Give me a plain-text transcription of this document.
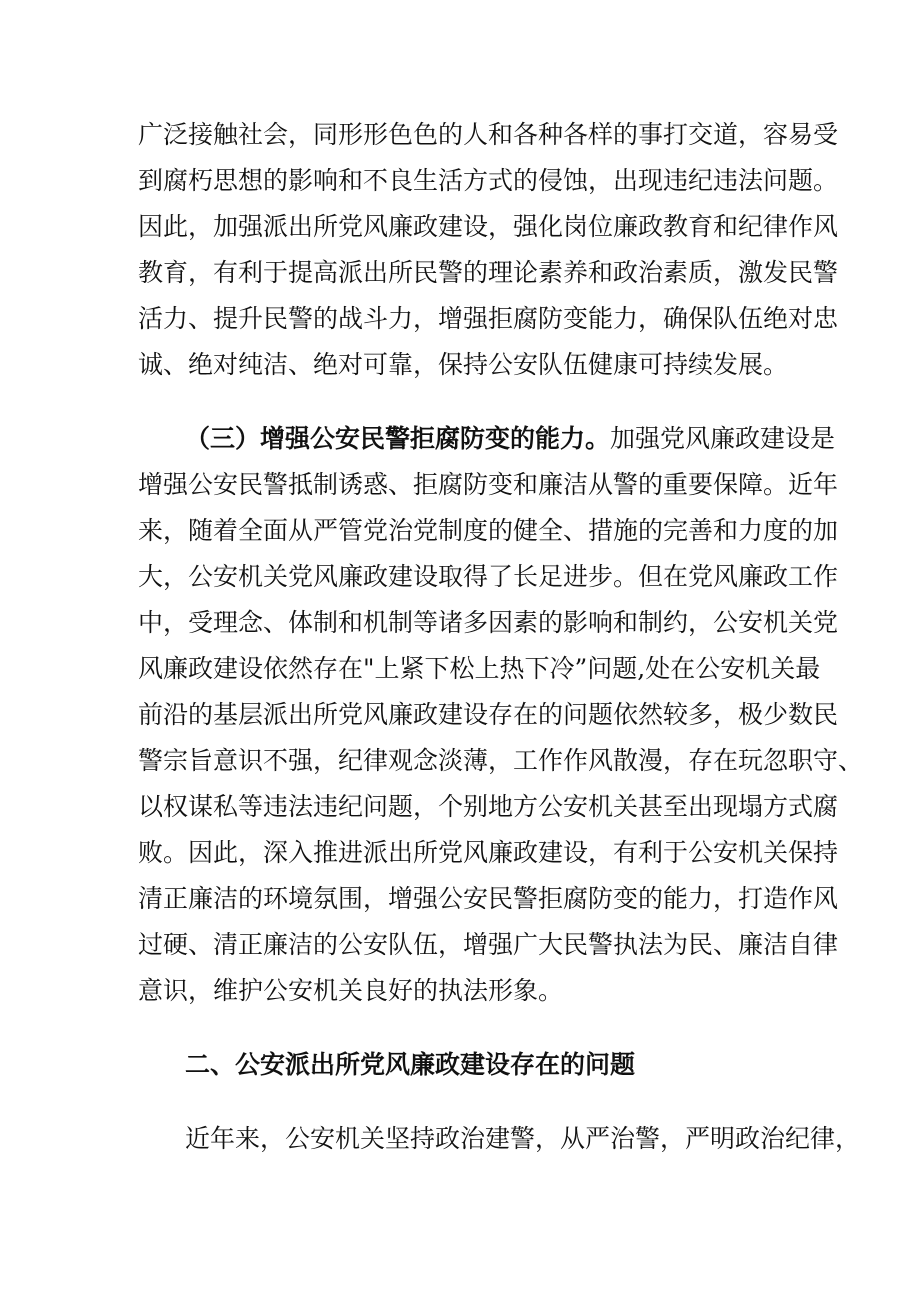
广泛接触社会，同形形色色的人和各种各样的事打交道，容易受
到腐朽思想的影响和不良生活方式的侵蚀，出现违纪违法问题。
因此，加强派出所党风廉政建设，强化岗位廉政教育和纪律作风
教育，有利于提高派出所民警的理论素养和政治素质，激发民警
活力、提升民警的战斗力，增强拒腐防变能力，确保队伍绝对忠
诚、绝对纯洁、绝对可靠，保持公安队伍健康可持续发展。
（三）增强公安民警拒腐防变的能力。加强党风廉政建设是
增强公安民警抵制诱惑、拒腐防变和廉洁从警的重要保障。近年
来，随着全面从严管党治党制度的健全、措施的完善和力度的加
大，公安机关党风廉政建设取得了长足进步。但在党风廉政工作
中，受理念、体制和机制等诸多因素的影响和制约，公安机关党
风廉政建设依然存在"上紧下松上热下冷”问题,处在公安机关最
前沿的基层派出所党风廉政建设存在的问题依然较多，极少数民
警宗旨意识不强，纪律观念淡薄，工作作风散漫，存在玩忽职守、
以权谋私等违法违纪问题，个别地方公安机关甚至出现塌方式腐
败。因此，深入推进派出所党风廉政建设，有利于公安机关保持
清正廉洁的环境氛围，增强公安民警拒腐防变的能力，打造作风
过硬、清正廉洁的公安队伍，增强广大民警执法为民、廉洁自律
意识，维护公安机关良好的执法形象。
二、公安派出所党风廉政建设存在的问题
近年来，公安机关坚持政治建警，从严治警，严明政治纪律，
